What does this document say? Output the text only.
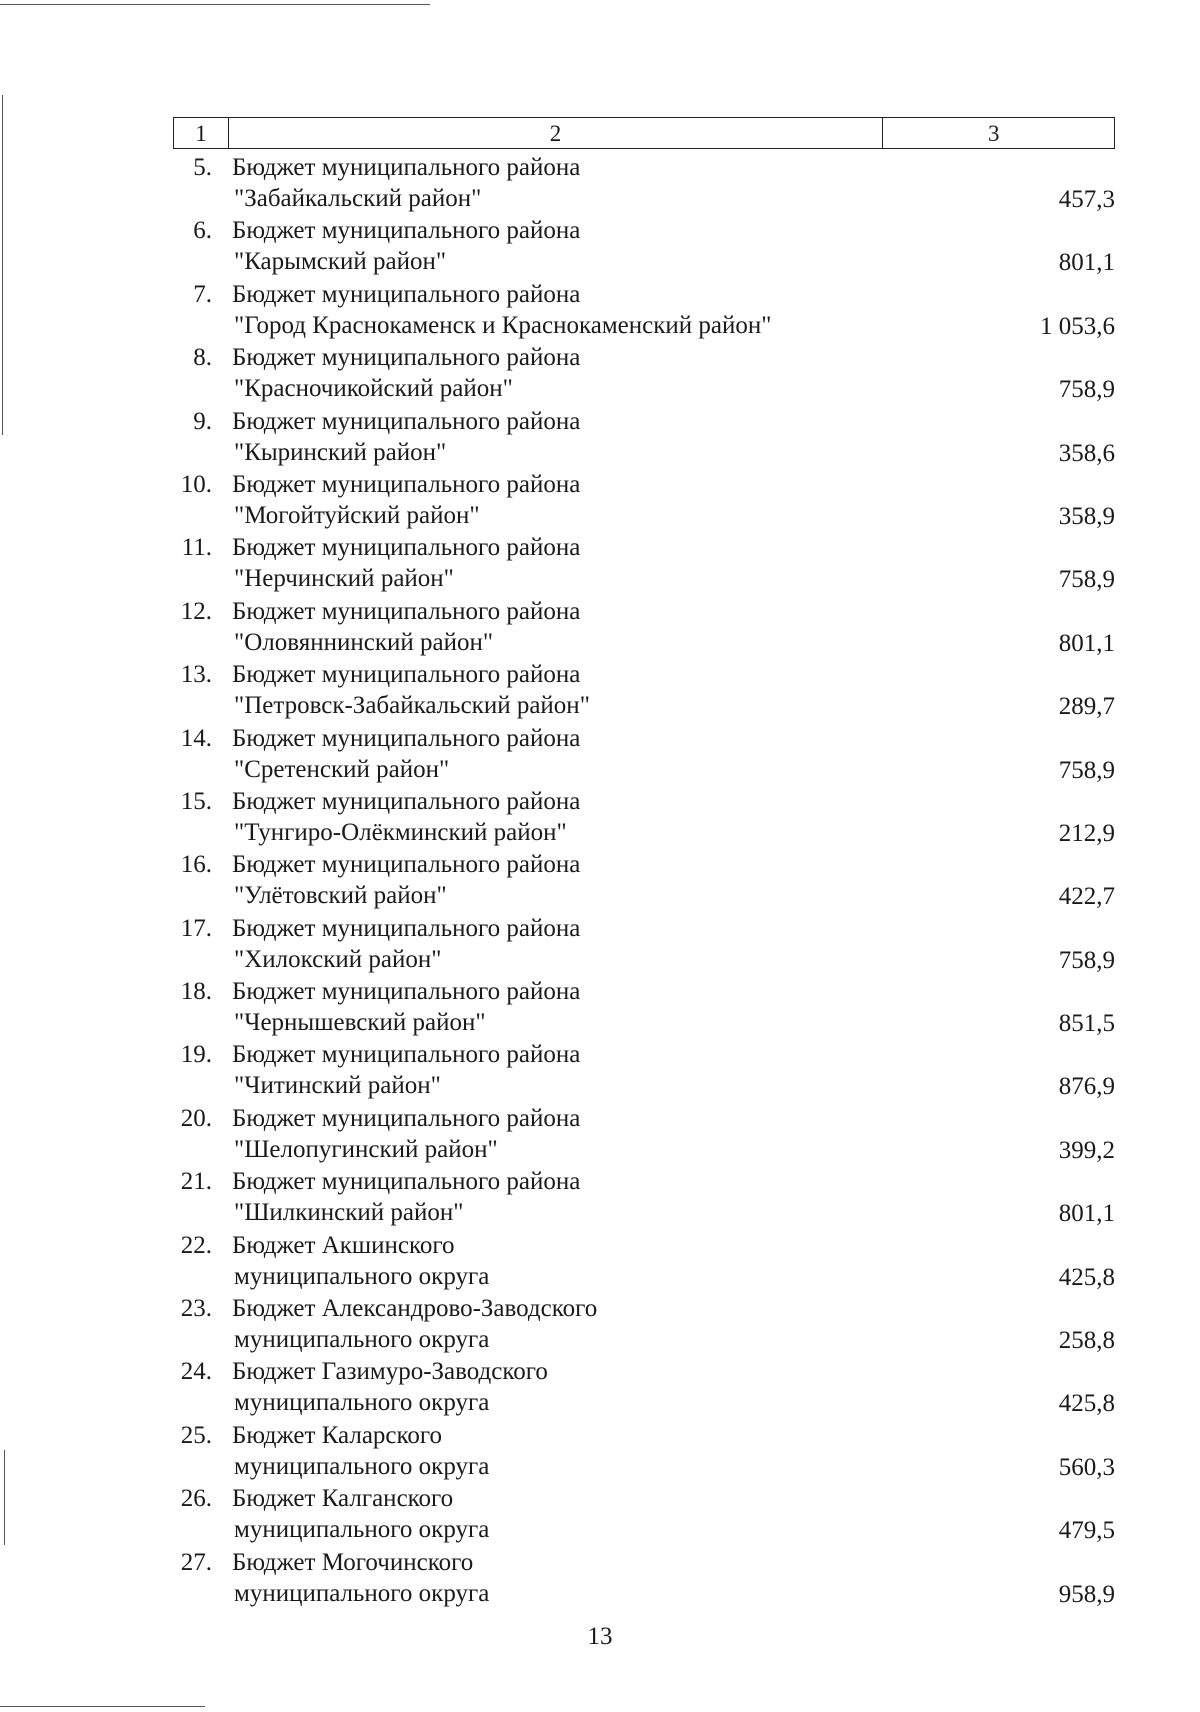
1	2	3
5. Бюджет муниципального района
"Забайкальский район"	457,3
6. Бюджет муниципального района
"Карымский район"	801,1
7. Бюджет муниципального района
"Город Краснокаменск и Краснокаменский район"	1 053,6
8. Бюджет муниципального района
"Красночикойский район"	758,9
9. Бюджет муниципального района
"Кыринский район"	358,6
10. Бюджет муниципального района
"Могойтуйский район"	358,9
11. Бюджет муниципального района
"Нерчинский район"	758,9
12. Бюджет муниципального района
"Оловяннинский район"	801,1
13. Бюджет муниципального района
"Петровск-Забайкальский район"	289,7
14. Бюджет муниципального района
"Сретенский район"	758,9
15. Бюджет муниципального района
"Тунгиро-Олёкминский район"	212,9
16. Бюджет муниципального района
"Улётовский район"	422,7
17. Бюджет муниципального района
"Хилокский район"	758,9
18. Бюджет муниципального района
"Чернышевский район"	851,5
19. Бюджет муниципального района
"Читинский район"	876,9
20. Бюджет муниципального района
"Шелопугинский район"	399,2
21. Бюджет муниципального района
"Шилкинский район"	801,1
22. Бюджет Акшинского
муниципального округа	425,8
23. Бюджет Александрово-Заводского
муниципального округа	258,8
24. Бюджет Газимуро-Заводского
муниципального округа	425,8
25. Бюджет Каларского
муниципального округа	560,3
26. Бюджет Калганского
муниципального округа	479,5
27. Бюджет Могочинского
муниципального округа	958,9
13
